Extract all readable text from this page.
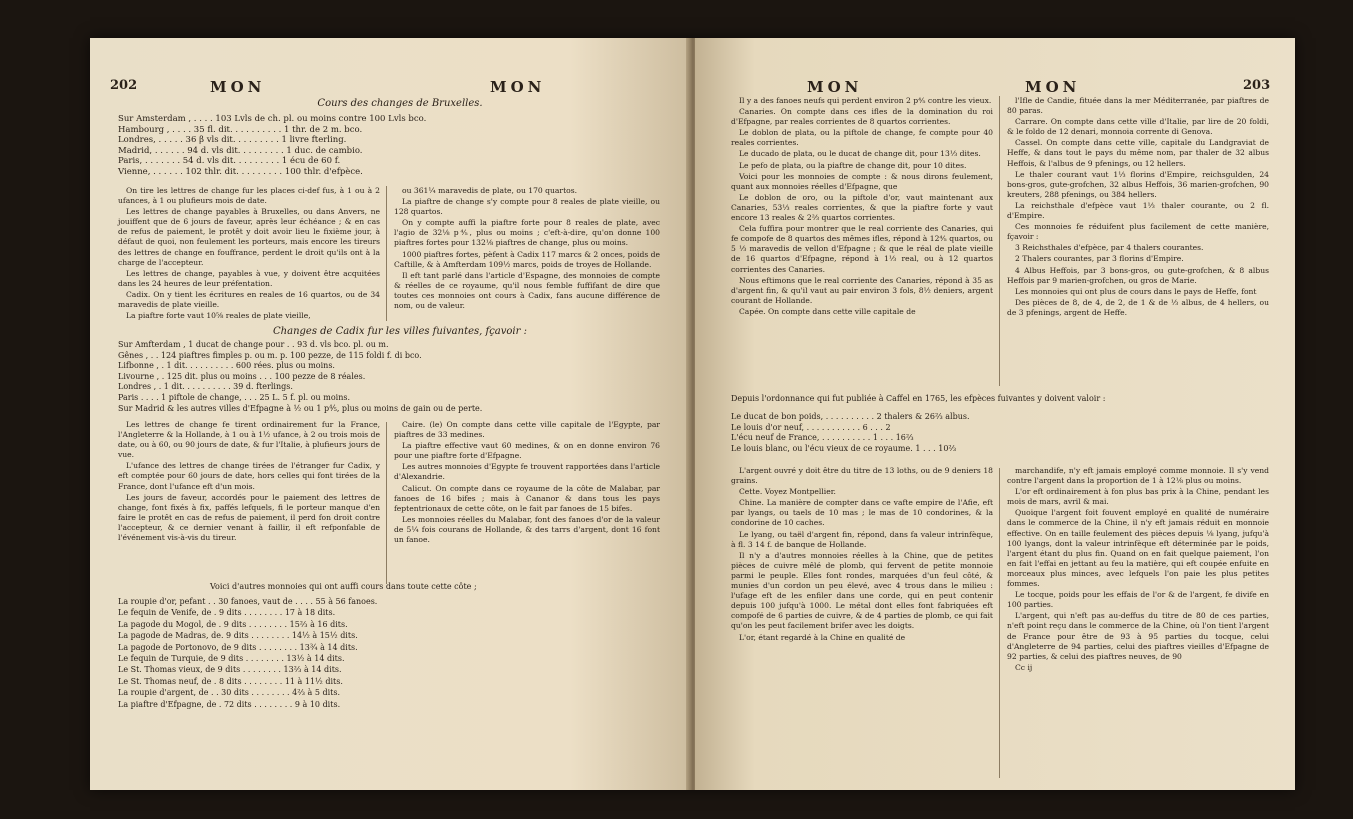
202	MON	MON
Cours des changes de Bruxelles.
Sur Amsterdam , . . . . 103 Lvls de ch. pl. ou moins contre 100 Lvls bco.
Hambourg , . . . . 35 fl. dit. . . . . . . . . . 1 thr. de 2 m. bco.
Londres, . . . . . 36 β vls dit. . . . . . . . . 1 livre fterling.
Madrid, . . . . . . 94 d. vls dit. . . . . . . . . 1 duc. de cambio.
Paris, . . . . . . . 54 d. vls dit. . . . . . . . . 1 écu de 60 f.
Vienne, . . . . . . 102 thlr. dit. . . . . . . . . 100 thlr. d'efpèce.

On tire les lettres de change fur les places ci-def fus, à 1 ou à 2 ufances, à 1 ou plufieurs mois de date.

Les lettres de change payables à Bruxelles, ou dans Anvers, ne jouiffent que de 6 jours de faveur, après leur échéance ; & en cas de refus de paiement, le protêt y doit avoir lieu le fixième jour, à défaut de quoi, non feulement les porteurs, mais encore les tireurs des lettres de change en fouffrance, perdent le droit qu'ils ont à la charge de l'accepteur.

Les lettres de change, payables à vue, y doivent être acquitées dans les 24 heures de leur préfentation.

Cadix. On y tient les écritures en reales de 16 quartos, ou de 34 maravedis de plate vieille.

La piaftre forte vaut 10⅝ reales de plate vieille,

ou 361¼ maravedis de plate, ou 170 quartos.

La piaftre de change s'y compte pour 8 reales de plate vieille, ou 128 quartos.

On y compte auffi la piaftre forte pour 8 reales de plate, avec l'agio de 32⅛ p⅘, plus ou moins ; c'eft-à-dire, qu'on donne 100 piaftres fortes pour 132⅛ piaftres de change, plus ou moins.

1000 piaftres fortes, pèfent à Cadix 117 marcs & 2 onces, poids de Caftille, & à Amfterdam 109½ marcs, poids de troyes de Hollande.

Il eft tant parlé dans l'article d'Espagne, des monnoies de compte & réelles de ce royaume, qu'il nous femble fuffifant de dire que toutes ces monnoies ont cours à Cadix, fans aucune différence de nom, ou de valeur.

Changes de Cadix fur les villes fuivantes, fçavoir :
Sur Amfterdam , 1 ducat de change pour . . 93 d. vls bco. pl. ou m.
Gênes , . . 124 piaftres fimples p. ou m. p. 100 pezze, de 115 foldi f. di bco.
Lifbonne , . 1 dit. . . . . . . . . . 600 rées. plus ou moins.
Livourne , . 125 dit. plus ou moins . . . 100 pezze de 8 réales.
Londres , . 1 dit. . . . . . . . . . 39 d. fterlings.
Paris . . . . 1 piftole de change, . . . 25 L. 5 f. pl. ou moins.
Sur Madrid & les autres villes d'Efpagne à ½ ou 1 p⅘, plus ou moins de gain ou de perte.

Les lettres de change fe tirent ordinairement fur la France, l'Angleterre & la Hollande, à 1 ou à 1½ ufance, à 2 ou trois mois de date, ou à 60, ou 90 jours de date, & fur l'Italie, à plufieurs jours de vue.

L'ufance des lettres de change tirées de l'étranger fur Cadix, y eft comptée pour 60 jours de date, hors celles qui font tirées de la France, dont l'ufance eft d'un mois.

Les jours de faveur, accordés pour le paiement des lettres de change, font fixés à fix, paffés lefquels, fi le porteur manque d'en faire le protêt en cas de refus de paiement, il perd fon droit contre l'accepteur, & ce dernier venant à faillir, il eft refponfable de l'événement vis-à-vis du tireur.

Caire. (le) On compte dans cette ville capitale de l'Egypte, par piaftres de 33 medines.

La piaftre effective vaut 60 medines, & on en donne environ 76 pour une piaftre forte d'Efpagne.

Les autres monnoies d'Egypte fe trouvent rapportées dans l'article d'Alexandrie.

Calicut. On compte dans ce royaume de la côte de Malabar, par fanoes de 16 bifes ; mais à Cananor & dans tous les pays feptentrionaux de cette côte, on le fait par fanoes de 15 bifes.

Les monnoies réelles du Malabar, font des fanoes d'or de la valeur de 5¼ fois courans de Hollande, & des tarrs d'argent, dont 16 font un fanoe.

Voici d'autres monnoies qui ont auffi cours dans toute cette côte ;
La roupie d'or, pefant . . 30 fanoes, vaut de . . . . 55 à 56 fanoes.
Le fequin de Venife, de . 9 dits . . . . . . . . 17 à 18 dits.
La pagode du Mogol, de . 9 dits . . . . . . . . 15⅔ à 16 dits.
La pagode de Madras, de. 9 dits . . . . . . . . 14½ à 15½ dits.
La pagode de Portonovo, de 9 dits . . . . . . . . 13¾ à 14 dits.
Le fequin de Turquie, de 9 dits . . . . . . . . 13½ à 14 dits.
Le St. Thomas vieux, de 9 dits . . . . . . . . 13⅔ à 14 dits.
Le St. Thomas neuf, de . 8 dits . . . . . . . . 11 à 11½ dits.
La roupie d'argent, de . . 30 dits . . . . . . . . 4⅔ à 5 dits.
La piaftre d'Efpagne, de . 72 dits . . . . . . . . 9 à 10 dits.
MON	MON	203

Il y a des fanoes neufs qui perdent environ 2 p⅘ contre les vieux.

Canaries. On compte dans ces ifles de la domination du roi d'Efpagne, par reales corrientes de 8 quartos corrientes.

Le doblon de plata, ou la piftole de change, fe compte pour 40 reales corrientes.

Le ducado de plata, ou le ducat de change dit, pour 13⅓ dites.

Le pefo de plata, ou la piaftre de change dit, pour 10 dites.

Voici pour les monnoies de compte : & nous dirons feulement, quant aux monnoies réelles d'Efpagne, que

Le doblon de oro, ou la piftole d'or, vaut maintenant aux Canaries, 53⅓ reales corrientes, & que la piaftre forte y vaut encore 13 reales & 2⅔ quartos corrientes.

Cela fuffira pour montrer que le real corriente des Canaries, qui fe compofe de 8 quartos des mêmes ifles, répond à 12⅘ quartos, ou 5 ⅓ maravedis de vellon d'Efpagne ; & que le réal de plate vieille de 16 quartos d'Efpagne, répond à 1⅓ real, ou à 12 quartos corrientes des Canaries.

Nous eftimons que le real corriente des Canaries, répond à 35 as d'argent fin, & qu'il vaut au pair environ 3 fols, 8½ deniers, argent courant de Hollande.

Capée. On compte dans cette ville capitale de

l'Ifle de Candie, fituée dans la mer Méditerranée, par piaftres de 80 paras.

Carrare. On compte dans cette ville d'Italie, par lire de 20 foldi, & le foldo de 12 denari, monnoia corrente di Genova.

Cassel. On compte dans cette ville, capitale du Landgraviat de Heffe, & dans tout le pays du même nom, par thaler de 32 albus Heffois, & l'albus de 9 pfenings, ou 12 hellers.

Le thaler courant vaut 1⅓ florins d'Empire, reichsgulden, 24 bons-gros, gute-grofchen, 32 albus Heffois, 36 marien-grofchen, 90 kreuters, 288 pfenings, ou 384 hellers.

La reichsthale d'efpèce vaut 1⅓ thaler courante, ou 2 fl. d'Empire.

Ces monnoies fe réduifent plus facilement de cette manière, fçavoir :

3 Reichsthales d'efpèce, par 4 thalers courantes.

2 Thalers courantes, par 3 florins d'Empire.

4 Albus Heffois, par 3 bons-gros, ou gute-grofchen, & 8 albus Heffois par 9 marien-grofchen, ou gros de Marie.

Les monnoies qui ont plus de cours dans le pays de Heffe, font

Des pièces de 8, de 4, de 2, de 1 & de ⅓ albus, de 4 hellers, ou de 3 pfenings, argent de Heffe.

Depuis l'ordonnance qui fut publiée à Caffel en 1765, les efpèces fuivantes y doivent valoir :
Le ducat de bon poids, . . . . . . . . . . 2 thalers & 26⅔ albus.
Le louis d'or neuf, . . . . . . . . . . . 6 . . . 2
L'écu neuf de France, . . . . . . . . . . 1 . . . 16⅔
Le louis blanc, ou l'écu vieux de ce royaume. 1 . . . 10⅔

L'argent ouvré y doit être du titre de 13 loths, ou de 9 deniers 18 grains.

Cette. Voyez Montpellier.

Chine. La manière de compter dans ce vafte empire de l'Afie, eft par lyangs, ou taels de 10 mas ; le mas de 10 condorines, & la condorine de 10 caches.

Le lyang, ou taël d'argent fin, répond, dans fa valeur intrinfèque, à fl. 3 14 f. de banque de Hollande.

Il n'y a d'autres monnoies réelles à la Chine, que de petites pièces de cuivre mêlé de plomb, qui fervent de petite monnoie parmi le peuple. Elles font rondes, marquées d'un feul côté, & munies d'un cordon un peu élevé, avec 4 trous dans le milieu : l'ufage eft de les enfiler dans une corde, qui en peut contenir depuis 100 jufqu'à 1000. Le métal dont elles font fabriquées eft compofé de 6 parties de cuivre, & de 4 parties de plomb, ce qui fait qu'on les peut facilement brifer avec les doigts.

L'or, étant regardé à la Chine en qualité de

marchandife, n'y eft jamais employé comme monnoie. Il s'y vend contre l'argent dans la proportion de 1 à 12⅛ plus ou moins.

L'or eft ordinairement à fon plus bas prix à la Chine, pendant les mois de mars, avril & mai.

Quoique l'argent foit fouvent employé en qualité de numéraire dans le commerce de la Chine, il n'y eft jamais réduit en monnoie effective. On en taille feulement des pièces depuis ⅛ lyang, jufqu'à 100 lyangs, dont la valeur intrinfèque eft déterminée par le poids, l'argent étant du plus fin. Quand on en fait quelque paiement, l'on en fait l'effai en jettant au feu la matière, qui eft coupée enfuite en morceaux plus minces, avec lefquels l'on paie les plus petites fommes.

Le tocque, poids pour les effais de l'or & de l'argent, fe divife en 100 parties.

L'argent, qui n'eft pas au-deffus du titre de 80 de ces parties, n'eft point reçu dans le commerce de la Chine, où l'on tient l'argent de France pour être de 93 à 95 parties du tocque, celui d'Angleterre de 94 parties, celui des piaftres vieilles d'Efpagne de 92 parties, & celui des piaftres neuves, de 90

Cc ij
